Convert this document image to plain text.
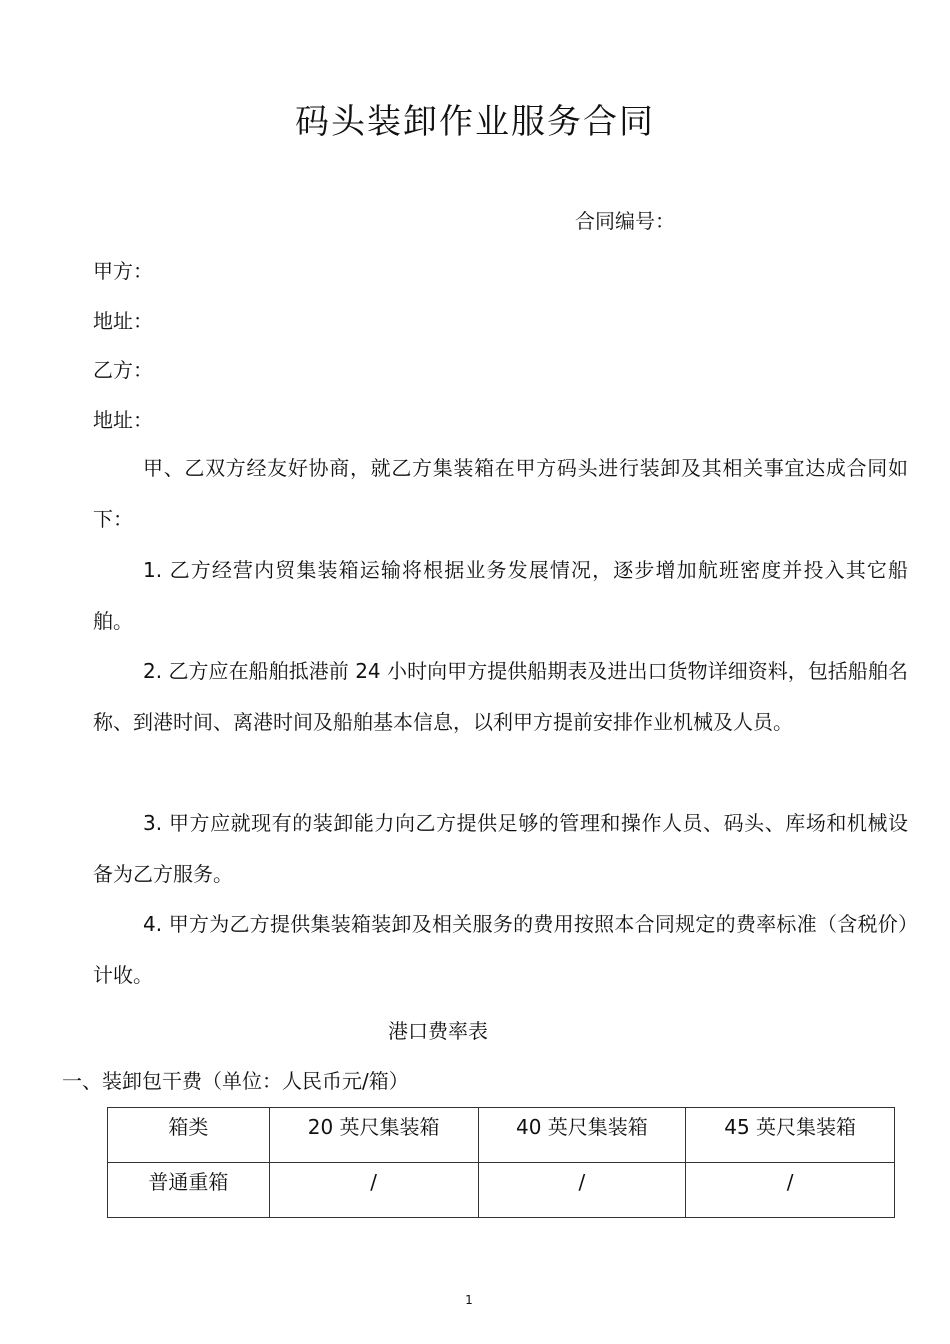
码头装卸作业服务合同
合同编号：
甲方：
地址：
乙方：
地址：
甲、乙双方经友好协商，就乙方集装箱在甲方码头进行装卸及其相关事宜达成合同如下：
1. 乙方经营内贸集装箱运输将根据业务发展情况，逐步增加航班密度并投入其它船舶。
2. 乙方应在船舶抵港前 24 小时向甲方提供船期表及进出口货物详细资料，包括船舶名称、到港时间、离港时间及船舶基本信息，以利甲方提前安排作业机械及人员。
3. 甲方应就现有的装卸能力向乙方提供足够的管理和操作人员、码头、库场和机械设备为乙方服务。
4. 甲方为乙方提供集装箱装卸及相关服务的费用按照本合同规定的费率标准（含税价）计收。
港口费率表
一、装卸包干费（单位：人民币元/箱）
箱类	20 英尺集装箱	40 英尺集装箱	45 英尺集装箱
普通重箱	/	/	/
1
